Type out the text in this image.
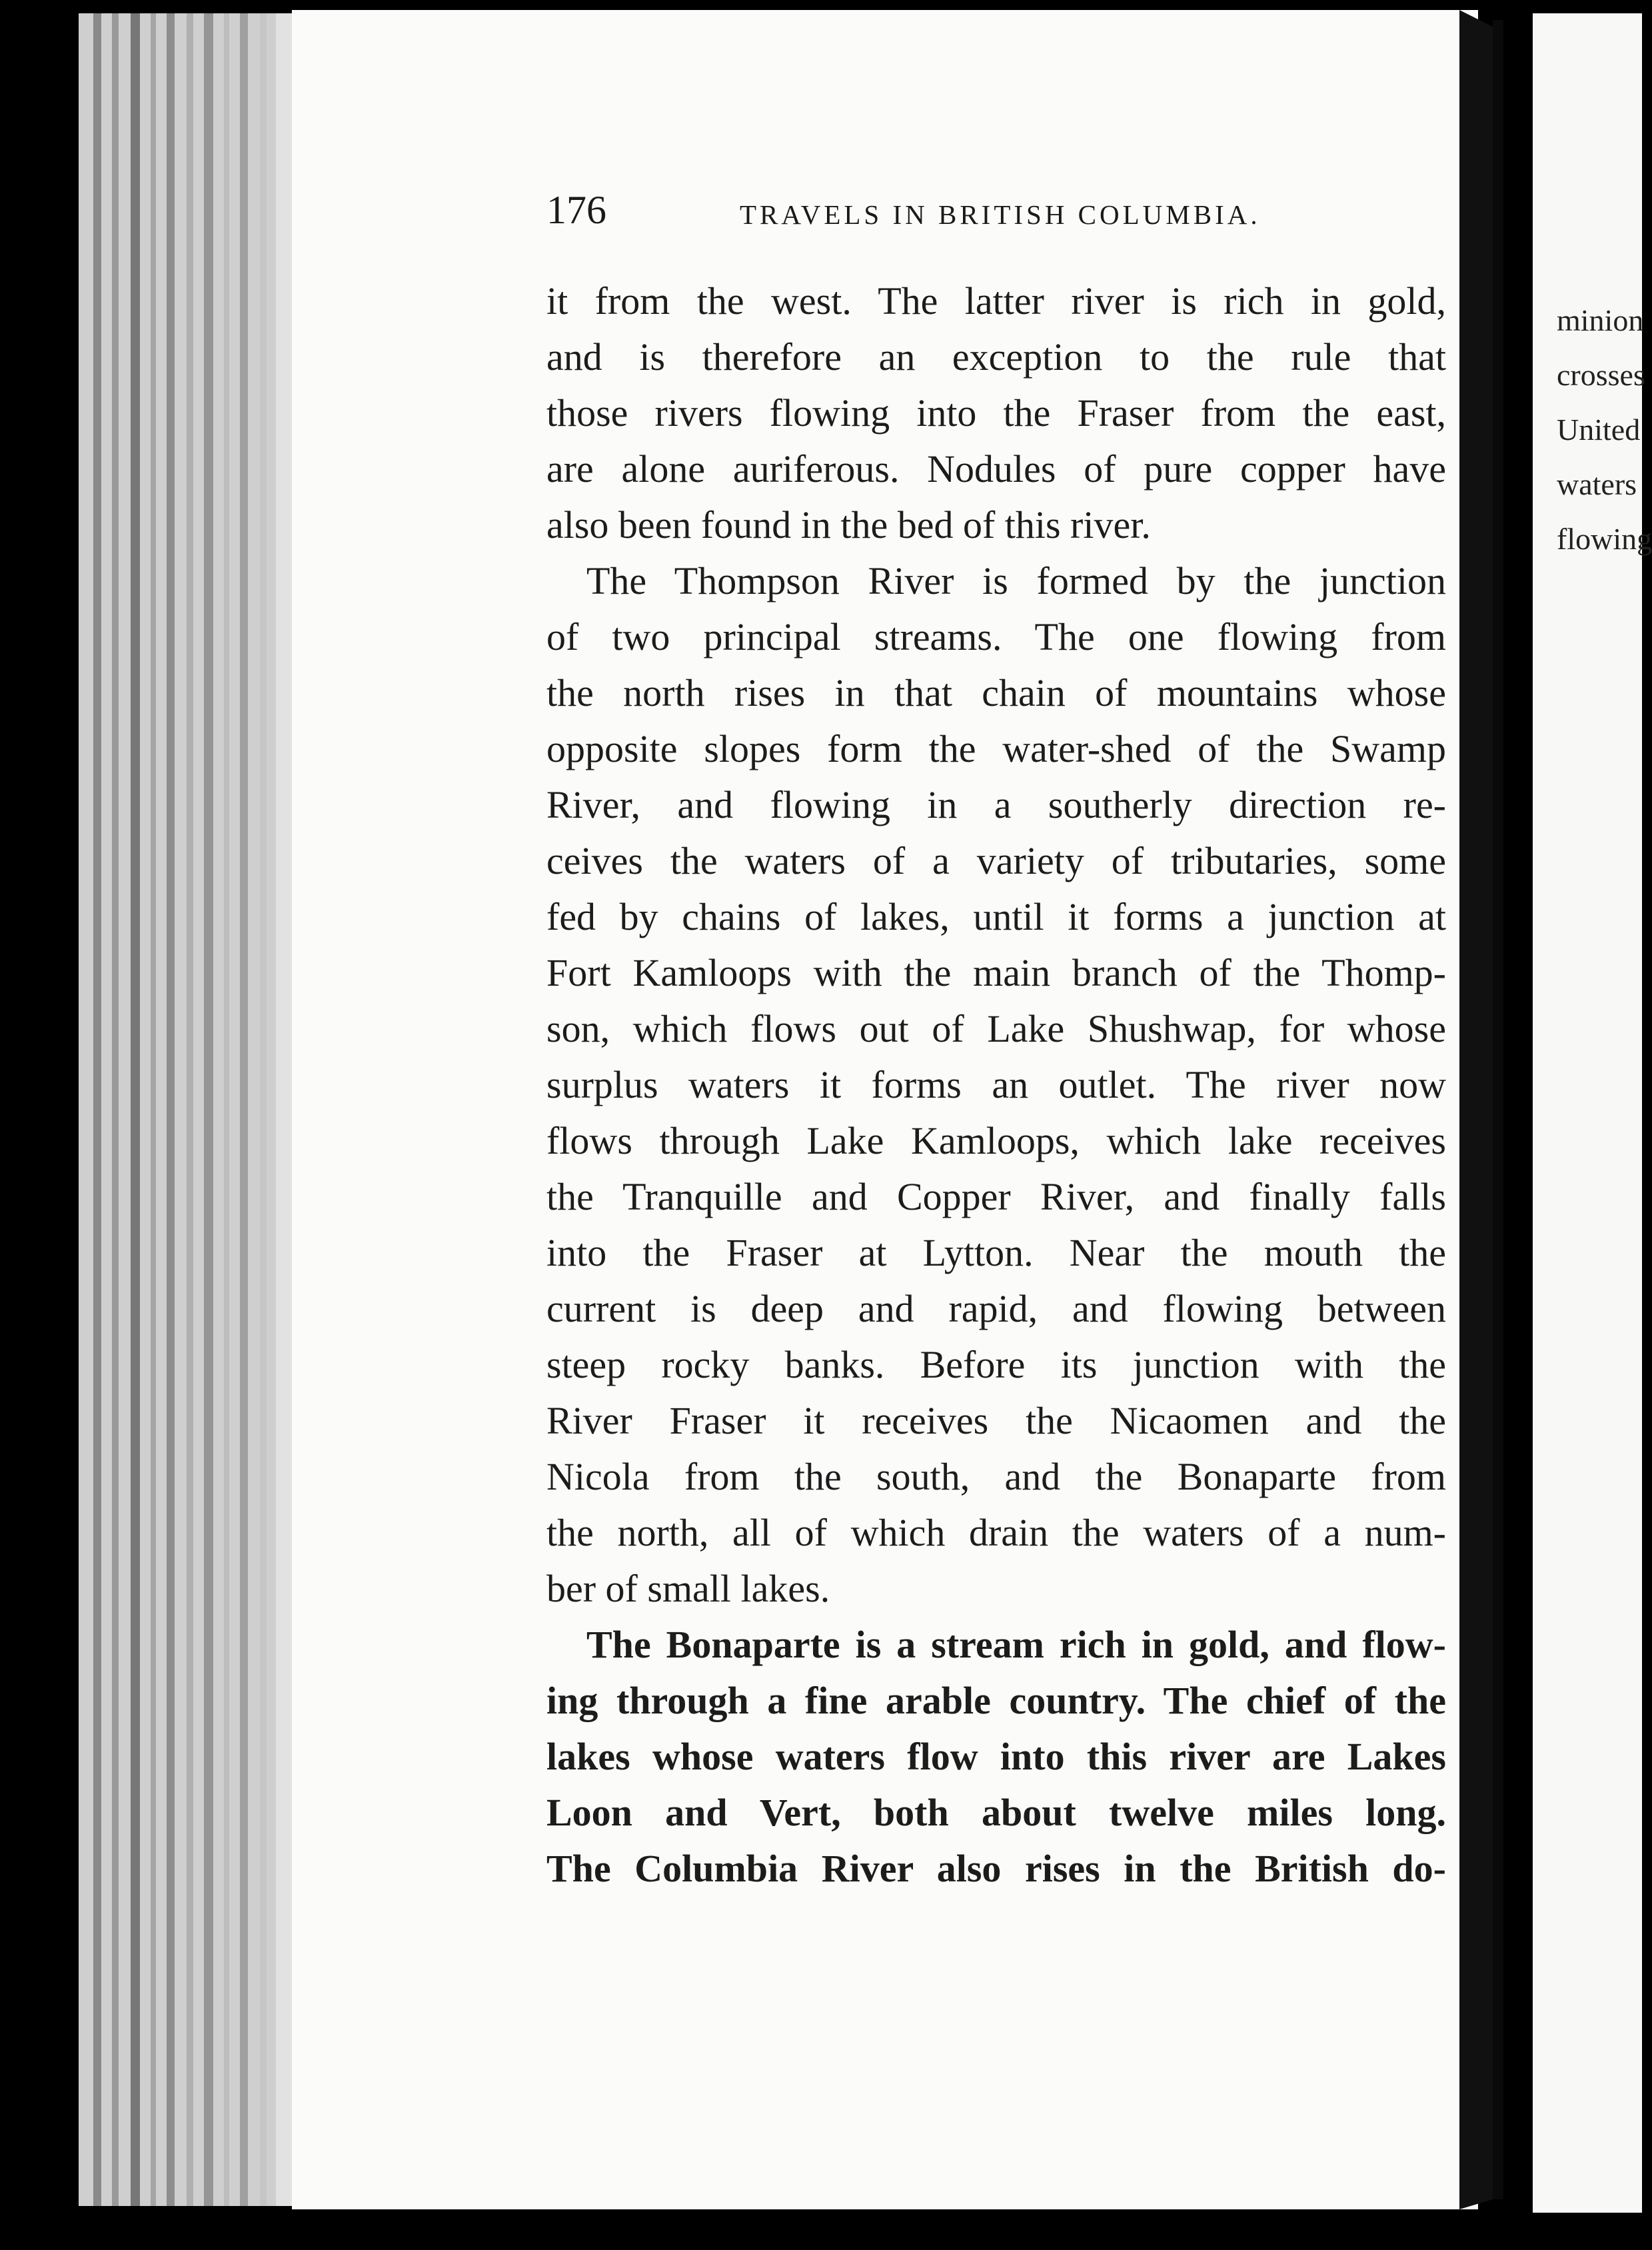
176	TRAVELS IN BRITISH COLUMBIA.
it from the west. The latter river is rich in gold,
and is therefore an exception to the rule that
those rivers flowing into the Fraser from the east,
are alone auriferous. Nodules of pure copper have
also been found in the bed of this river.
The Thompson River is formed by the junction
of two principal streams. The one flowing from
the north rises in that chain of mountains whose
opposite slopes form the water-shed of the Swamp
River, and flowing in a southerly direction re-
ceives the waters of a variety of tributaries, some
fed by chains of lakes, until it forms a junction at
Fort Kamloops with the main branch of the Thomp-
son, which flows out of Lake Shushwap, for whose
surplus waters it forms an outlet. The river now
flows through Lake Kamloops, which lake receives
the Tranquille and Copper River, and finally falls
into the Fraser at Lytton. Near the mouth the
current is deep and rapid, and flowing between
steep rocky banks. Before its junction with the
River Fraser it receives the Nicaomen and the
Nicola from the south, and the Bonaparte from
the north, all of which drain the waters of a num-
ber of small lakes.
The Bonaparte is a stream rich in gold, and flow-
ing through a fine arable country. The chief of the
lakes whose waters flow into this river are Lakes
Loon and Vert, both about twelve miles long.
The Columbia River also rises in the British do-
minion
crosses
United
waters
flowing
